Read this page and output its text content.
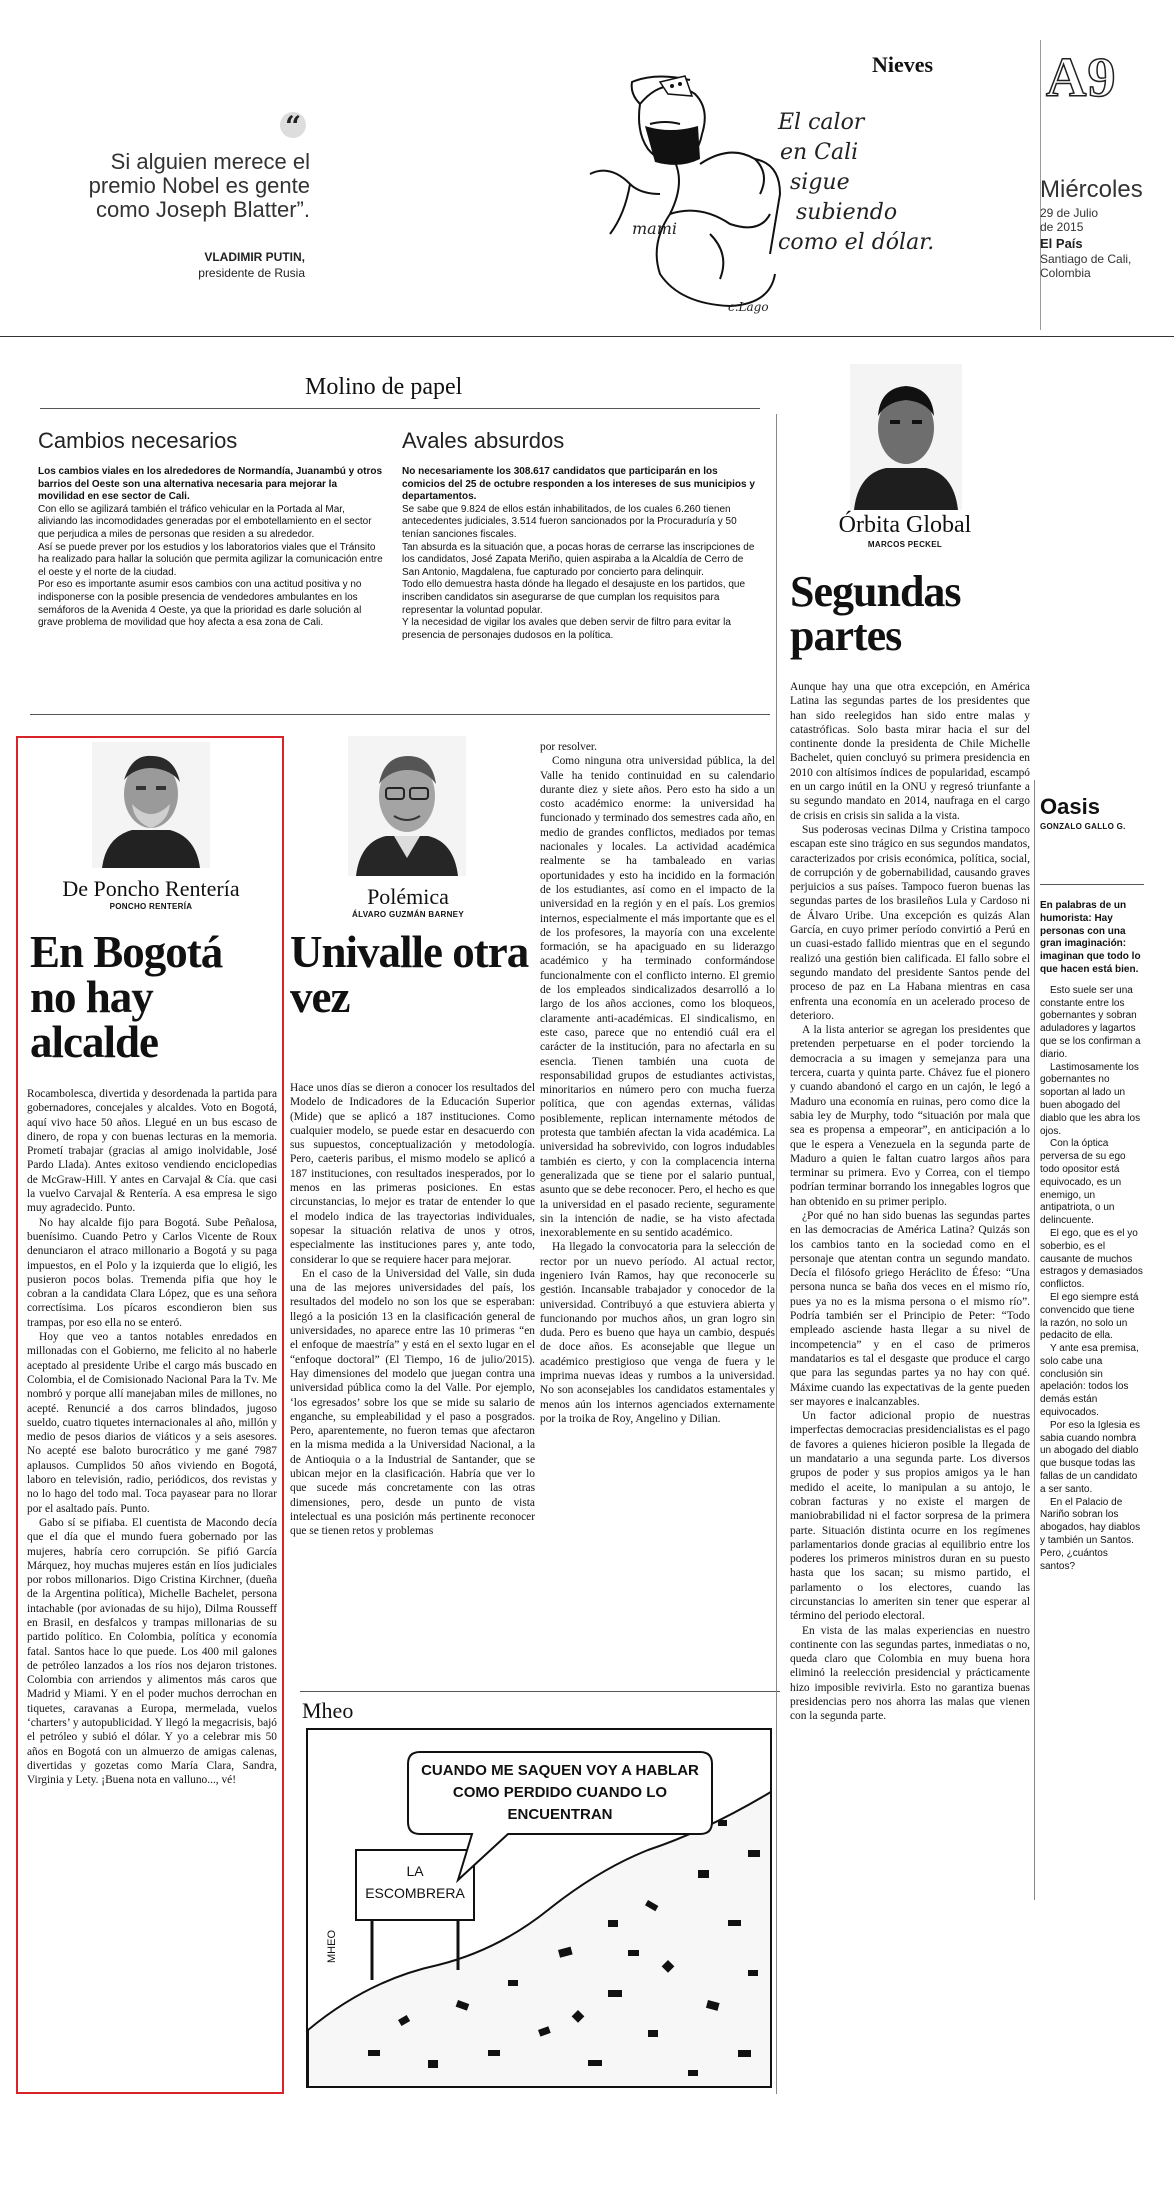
“
Si alguien merece el premio Nobel es gente como Joseph Blatter”.
VLADIMIR PUTIN,
presidente de Rusia
mami
c.Lago
El calor
en Cali
sigue
subiendo
como el dólar.
Nieves A9
Miércoles
29 de Julio
de 2015
El País
Santiago de Cali,
Colombia
Molino de papel
Cambios necesarios
Los cambios viales en los alrededores de Normandía, Juanambú y otros barrios del Oeste son una alternativa necesaria para mejorar la movilidad en ese sector de Cali.
Con ello se agilizará también el tráfico vehicular en la Portada al Mar, aliviando las incomodidades generadas por el embotellamiento en el sector que perjudica a miles de personas que residen a su alrededor.
Así se puede prever por los estudios y los laboratorios viales que el Tránsito ha realizado para hallar la solución que permita agilizar la comunicación entre el oeste y el norte de la ciudad.
Por eso es importante asumir esos cambios con una actitud positiva y no indisponerse con la posible presencia de vendedores ambulantes en los semáforos de la Avenida 4 Oeste, ya que la prioridad es darle solución al grave problema de movilidad que hoy afecta a esa zona de Cali.
Avales absurdos
No necesariamente los 308.617 candidatos que participarán en los comicios del 25 de octubre responden a los intereses de sus municipios y departamentos.
Se sabe que 9.824 de ellos están inhabilitados, de los cuales 6.260 tienen antecedentes judiciales, 3.514 fueron sancionados por la Procuraduría y 50 tenían sanciones fiscales.
Tan absurda es la situación que, a pocas horas de cerrarse las inscripciones de los candidatos, José Zapata Meriño, quien aspiraba a la Alcaldía de Cerro de San Antonio, Magdalena, fue capturado por concierto para delinquir.
Todo ello demuestra hasta dónde ha llegado el desajuste en los partidos, que inscriben candidatos sin asegurarse de que cumplan los requisitos para representar la voluntad popular.
Y la necesidad de vigilar los avales que deben servir de filtro para evitar la presencia de personajes dudosos en la política.
De Poncho Rentería
PONCHO RENTERÍA
En Bogotá no hay alcalde

Rocambolesca, divertida y desordenada la partida para gobernadores, concejales y alcaldes. Voto en Bogotá, aquí vivo hace 50 años. Llegué en un bus escaso de dinero, de ropa y con buenas lecturas en la memoria. Prometí trabajar (gracias al amigo inolvidable, José Pardo Llada). Antes exitoso vendiendo enciclopedias de McGraw-Hill. Y antes en Carvajal & Cía. que casi la vuelvo Carvajal & Rentería. A esa empresa le sigo muy agradecido. Punto.

No hay alcalde fijo para Bogotá. Sube Peñalosa, buenísimo. Cuando Petro y Carlos Vicente de Roux denunciaron el atraco millonario a Bogotá y su paga impuestos, en el Polo y la izquierda que lo eligió, les pusieron pocos bolas. Tremenda pifia que hoy le cobran a la candidata Clara López, que es una señora correctísima. Los pícaros escondieron bien sus trampas, por eso ella no se enteró.

Hoy que veo a tantos notables enredados en millonadas con el Gobierno, me felicito al no haberle aceptado al presidente Uribe el cargo más buscado en Colombia, el de Comisionado Nacional Para la Tv. Me nombró y porque allí manejaban miles de millones, no acepté. Renuncié a dos carros blindados, jugoso sueldo, cuatro tiquetes internacionales al año, millón y medio de pesos diarios de viáticos y a seis asesores. No acepté ese baloto burocrático y me gané 7987 aplausos. Cumplidos 50 años viviendo en Bogotá, laboro en televisión, radio, periódicos, dos revistas y no lo hago del todo mal. Toca payasear para no llorar por el asaltado país. Punto.

Gabo sí se pifiaba. El cuentista de Macondo decía que el día que el mundo fuera gobernado por las mujeres, habría cero corrupción. Se pifió García Márquez, hoy muchas mujeres están en líos judiciales por robos millonarios. Digo Cristina Kirchner, (dueña de la Argentina política), Michelle Bachelet, persona intachable (por avionadas de su hijo), Dilma Rousseff en Brasil, en desfalcos y trampas millonarias de su partido político. En Colombia, política y economía fatal. Santos hace lo que puede. Los 400 mil galones de petróleo lanzados a los ríos nos dejaron tristones. Colombia con arriendos y alimentos más caros que Madrid y Miami. Y en el poder muchos derrochan en tiquetes, caravanas a Europa, mermelada, vuelos ‘charters’ y autopublicidad. Y llegó la megacrisis, bajó el petróleo y subió el dólar. Y yo a celebrar mis 50 años en Bogotá con un almuerzo de amigas calenas, divertidas y gozetas como María Clara, Sandra, Virginia y Lety. ¡Buena nota en valluno..., vé!

Polémica
ÁLVARO GUZMÁN BARNEY
Univalle otra vez

Hace unos días se dieron a conocer los resultados del Modelo de Indicadores de la Educación Superior (Mide) que se aplicó a 187 instituciones. Como cualquier modelo, se puede estar en desacuerdo con sus supuestos, conceptualización y metodología. Pero, caeteris paribus, el mismo modelo se aplicó a 187 instituciones, con resultados inesperados, por lo menos en las primeras posiciones. En estas circunstancias, lo mejor es tratar de entender lo que el modelo indica de las trayectorias individuales, sopesar la situación relativa de unos y otros, especialmente las instituciones pares y, ante todo, considerar lo que se requiere hacer para mejorar.

En el caso de la Universidad del Valle, sin duda una de las mejores universidades del país, los resultados del modelo no son los que se esperaban: llegó a la posición 13 en la clasificación general de universidades, no aparece entre las 10 primeras “en el enfoque de maestría” y está en el sexto lugar en el “enfoque doctoral” (El Tiempo, 16 de julio/2015). Hay dimensiones del modelo que juegan contra una universidad pública como la del Valle. Por ejemplo, ‘los egresados’ sobre los que se mide su salario de enganche, su empleabilidad y el paso a posgrados. Pero, aparentemente, no fueron temas que afectaron en la misma medida a la Universidad Nacional, a la de Antioquia o a la Industrial de Santander, que se ubican mejor en la clasificación. Habría que ver lo que sucede más concretamente con las otras dimensiones, pero, desde un punto de vista intelectual es una posición más pertinente reconocer que se tienen retos y problemas

por resolver.

Como ninguna otra universidad pública, la del Valle ha tenido continuidad en su calendario durante diez y siete años. Pero esto ha sido a un costo académico enorme: la universidad ha funcionado y terminado dos semestres cada año, en medio de grandes conflictos, mediados por temas nacionales y locales. La actividad académica realmente se ha tambaleado en varias oportunidades y esto ha incidido en la formación de los estudiantes, así como en el impacto de la universidad en la región y en el país. Los gremios internos, especialmente el más importante que es el de los profesores, la mayoría con una excelente formación, se ha apaciguado en su liderazgo académico y ha terminado conformándose funcionalmente con el conflicto interno. El gremio de los empleados sindicalizados desarrolló a lo largo de los años acciones, como los bloqueos, claramente anti-académicas. El sindicalismo, en este caso, parece que no entendió cuál era el carácter de la institución, para no afectarla en su esencia. Tienen también una cuota de responsabilidad grupos de estudiantes activistas, minoritarios en número pero con mucha fuerza política, que con agendas externas, válidas posiblemente, replican internamente métodos de protesta que también afectan la vida académica. La universidad ha sobrevivido, con logros indudables también es cierto, y con la complacencia interna generalizada que se tiene por el salario puntual, asunto que se debe reconocer. Pero, el hecho es que la universidad en el pasado reciente, seguramente sin la intención de nadie, se ha visto afectada inexorablemente en su sentido académico.

Ha llegado la convocatoria para la selección de rector por un nuevo período. Al actual rector, ingeniero Iván Ramos, hay que reconocerle su gestión. Incansable trabajador y conocedor de la universidad. Contribuyó a que estuviera abierta y funcionando por muchos años, un gran logro sin duda. Pero es bueno que haya un cambio, después de doce años. Es aconsejable que llegue un académico prestigioso que venga de fuera y le imprima nuevas ideas y rumbos a la universidad. No son aconsejables los candidatos estamentales y menos aún los internos agenciados externamente por la troika de Roy, Angelino y Dilian.

Mheo
CUANDO ME SAQUEN VOY A HABLAR COMO PERDIDO CUANDO LO ENCUENTRAN
LA ESCOMBRERA
MHEO
Órbita Global
MARCOS PECKEL
Segundas partes

Aunque hay una que otra excepción, en América Latina las segundas partes de los presidentes que han sido reelegidos han sido entre malas y catastróficas. Solo basta mirar hacia el sur del continente donde la presidenta de Chile Michelle Bachelet, quien concluyó su primera presidencia en 2010 con altísimos índices de popularidad, escampó en un cargo inútil en la ONU y regresó triunfante a su segundo mandato en 2014, naufraga en el cargo de crisis en crisis sin salida a la vista.

Sus poderosas vecinas Dilma y Cristina tampoco escapan este sino trágico en sus segundos mandatos, caracterizados por crisis económica, política, social, de corrupción y de gobernabilidad, causando graves perjuicios a sus países. Tampoco fueron buenas las segundas partes de los brasileños Lula y Cardoso ni de Álvaro Uribe. Una excepción es quizás Alan García, en cuyo primer período convirtió a Perú en un cuasi-estado fallido mientras que en el segundo realizó una gestión bien calificada. El fallo sobre el segundo mandato del presidente Santos pende del proceso de paz en La Habana mientras en casa enfrenta una economía en un acelerado proceso de deterioro.

A la lista anterior se agregan los presidentes que pretenden perpetuarse en el poder torciendo la democracia a su imagen y semejanza para una tercera, cuarta y quinta parte. Chávez fue el pionero y cuando abandonó el cargo en un cajón, le legó a Maduro una economía en ruinas, pero como dice la sabia ley de Murphy, todo “situación por mala que sea es propensa a empeorar”, en anticipación a lo que le espera a Venezuela en la segunda parte de Maduro a quien le faltan cuatro largos años para terminar su primera. Evo y Correa, con el tiempo podrían terminar borrando los innegables logros que han obtenido en su primer periplo.

¿Por qué no han sido buenas las segundas partes en las democracias de América Latina? Quizás son los cambios tanto en la sociedad como en el personaje que atentan contra un segundo mandato. Decía el filósofo griego Heráclito de Éfeso: “Una persona nunca se baña dos veces en el mismo río, pues ya no es la misma persona o el mismo río”. Podría también ser el Principio de Peter: “Todo empleado asciende hasta llegar a su nivel de incompetencia” y en el caso de primeros mandatarios es tal el desgaste que produce el cargo que para las segundas partes ya no hay con qué. Máxime cuando las expectativas de la gente pueden ser mayores e inalcanzables.

Un factor adicional propio de nuestras imperfectas democracias presidencialistas es el pago de favores a quienes hicieron posible la llegada de un mandatario a una segunda parte. Los diversos grupos de poder y sus propios amigos ya le han medido el aceite, lo manipulan a su antojo, le cobran facturas y no existe el margen de maniobrabilidad ni el factor sorpresa de la primera parte. Situación distinta ocurre en los regímenes parlamentarios donde gracias al equilibrio entre los poderes los primeros ministros duran en su puesto hasta que los sacan; su mismo partido, el parlamento o los electores, cuando las circunstancias lo ameriten sin tener que esperar al término del periodo electoral.

En vista de las malas experiencias en nuestro continente con las segundas partes, inmediatas o no, queda claro que Colombia en muy buena hora eliminó la reelección presidencial y prácticamente hizo imposible revivirla. Esto no garantiza buenas presidencias pero nos ahorra las malas que vienen con la segunda parte.

Oasis
GONZALO GALLO G.
En palabras de un humorista: Hay personas con una gran imaginación: imaginan que todo lo que hacen está bien.
Esto suele ser una constante entre los gobernantes y sobran aduladores y lagartos que se los confirman a diario.
Lastimosamente los gobernantes no soportan al lado un buen abogado del diablo que les abra los ojos.
Con la óptica perversa de su ego todo opositor está equivocado, es un enemigo, un antipatriota, o un delincuente.
El ego, que es el yo soberbio, es el causante de muchos estragos y demasiados conflictos.
El ego siempre está convencido que tiene la razón, no solo un pedacito de ella.
Y ante esa premisa, solo cabe una conclusión sin apelación: todos los demás están equivocados.
Por eso la Iglesia es sabia cuando nombra un abogado del diablo que busque todas las fallas de un candidato a ser santo.
En el Palacio de Nariño sobran los abogados, hay diablos y también un Santos. Pero, ¿cuántos santos?
